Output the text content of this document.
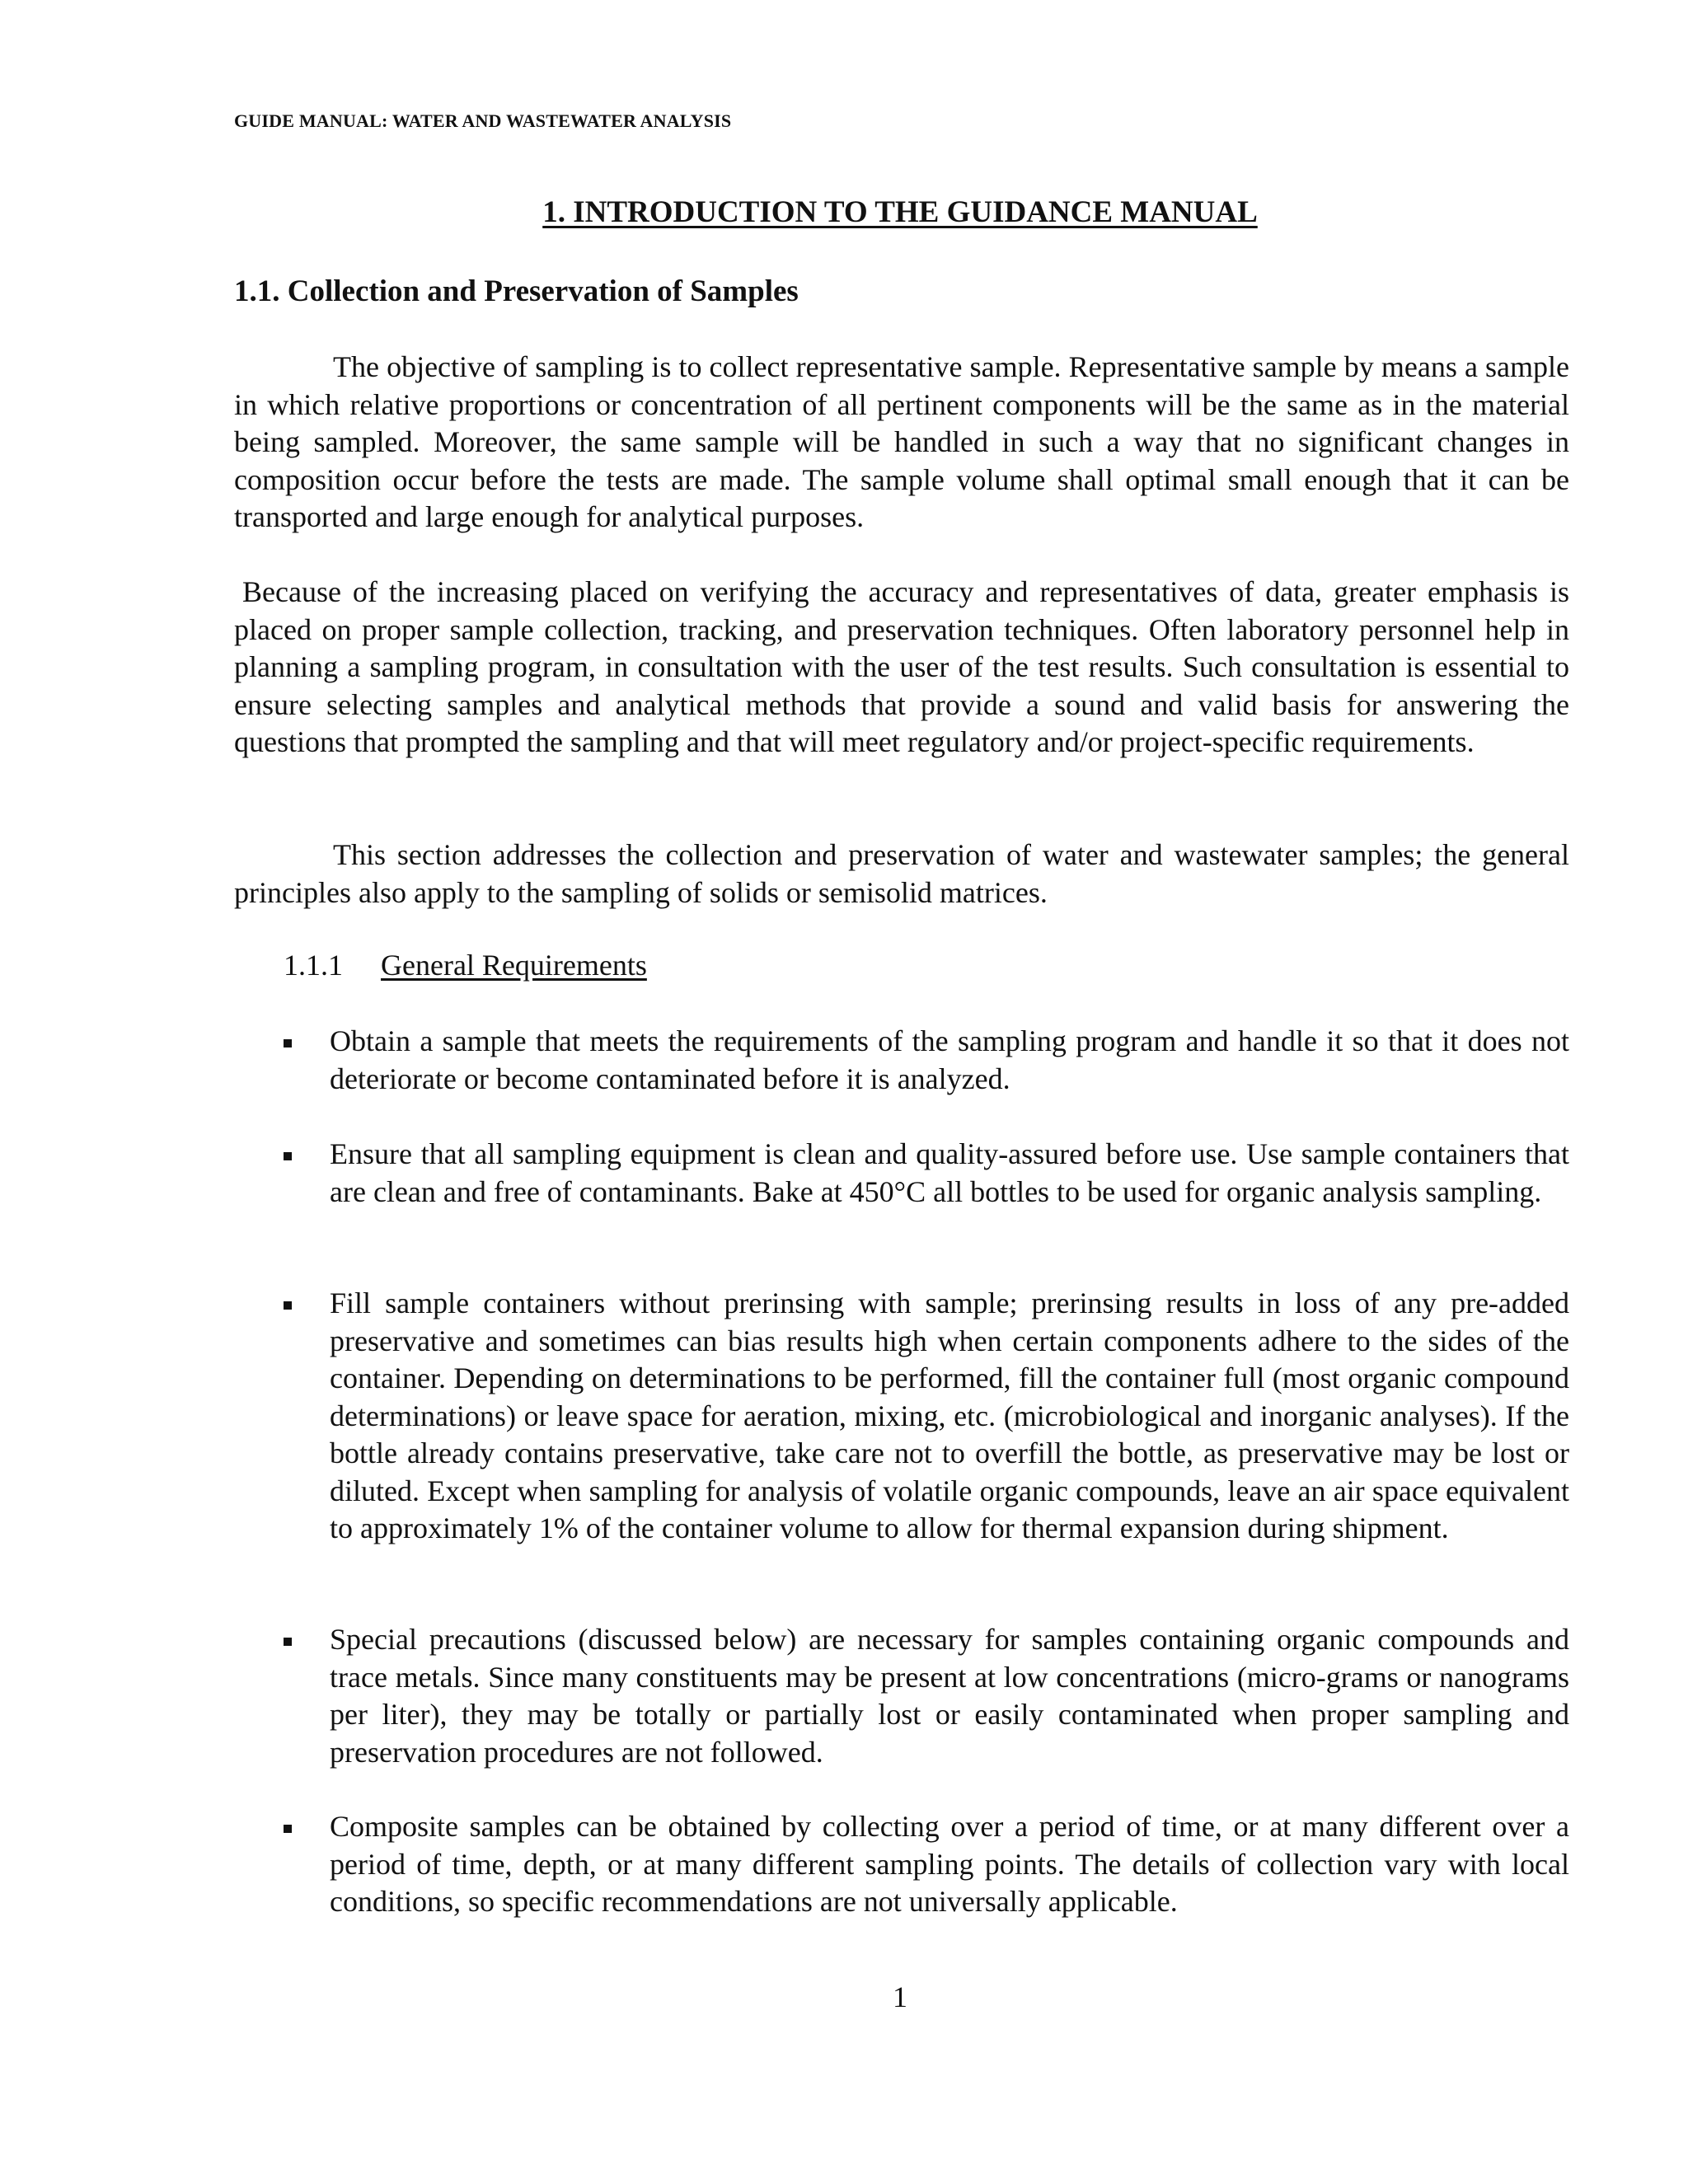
GUIDE MANUAL: WATER AND WASTEWATER ANALYSIS
1. INTRODUCTION TO THE GUIDANCE MANUAL
1.1. Collection and Preservation of Samples

The objective of sampling is to collect representative sample. Representative sample by means a sample in which relative proportions or concentration of all pertinent components will be the same as in the material being sampled. Moreover, the same sample will be handled in such a way that no significant changes in composition occur before the tests are made. The sample volume shall optimal small enough that it can be transported and large enough for analytical purposes.

Because of the increasing placed on verifying the accuracy and representatives of data, greater emphasis is placed on proper sample collection, tracking, and preservation techniques. Often laboratory personnel help in planning a sampling program, in consultation with the user of the test results. Such consultation is essential to ensure selecting samples and analytical methods that provide a sound and valid basis for answering the questions that prompted the sampling and that will meet regulatory and/or project-specific requirements.

This section addresses the collection and preservation of water and wastewater samples; the general principles also apply to the sampling of solids or semisolid matrices.

1.1.1 General Requirements
Obtain a sample that meets the requirements of the sampling program and handle it so that it does not deteriorate or become contaminated before it is analyzed.
Ensure that all sampling equipment is clean and quality-assured before use. Use sample containers that are clean and free of contaminants. Bake at 450°C all bottles to be used for organic analysis sampling.
Fill sample containers without prerinsing with sample; prerinsing results in loss of any pre-added preservative and sometimes can bias results high when certain components adhere to the sides of the container. Depending on determinations to be performed, fill the container full (most organic compound determinations) or leave space for aeration, mixing, etc. (microbiological and inorganic analyses). If the bottle already contains preservative, take care not to overfill the bottle, as preservative may be lost or diluted. Except when sampling for analysis of volatile organic compounds, leave an air space equivalent to approximately 1% of the container volume to allow for thermal expansion during shipment.
Special precautions (discussed below) are necessary for samples containing organic compounds and trace metals. Since many constituents may be present at low concentrations (micro-grams or nanograms per liter), they may be totally or partially lost or easily contaminated when proper sampling and preservation procedures are not followed.
Composite samples can be obtained by collecting over a period of time, or at many different over a period of time, depth, or at many different sampling points. The details of collection vary with local conditions, so specific recommendations are not universally applicable.
1
